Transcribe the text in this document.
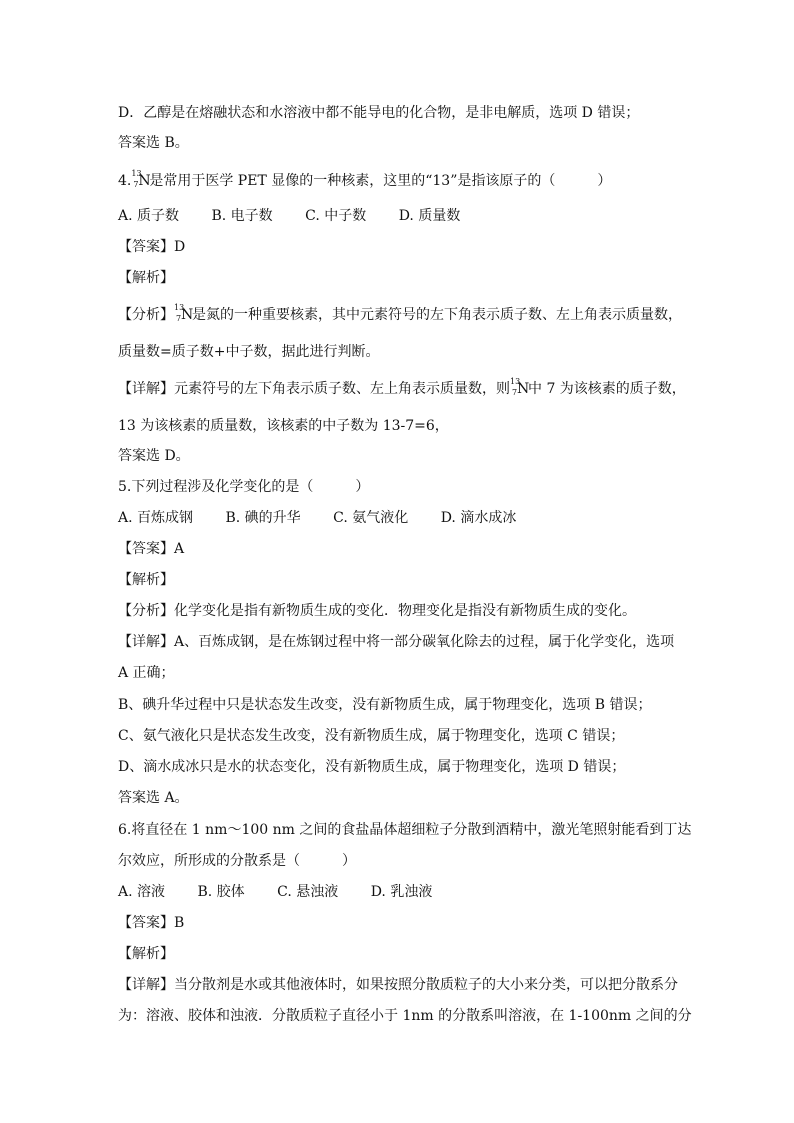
D．乙醇是在熔融状态和水溶液中都不能导电的化合物，是非电解质，选项 D 错误；
答案选 B。
4. 13
7 N
是常用于医学 PET 显像的一种核素，这里的“13”是指该原子的（　　　）
A. 质子数 B. 电子数 C. 中子数 D. 质量数
【答案】D
【解析】
【分析】 13
7 N
是氮的一种重要核素，其中元素符号的左下角表示质子数、左上角表示质量数，
质量数=质子数+中子数，据此进行判断。
【详解】元素符号的左下角表示质子数、左上角表示质量数，则 13
7 N
中 7 为该核素的质子数，
13 为该核素的质量数，该核素的中子数为 13-7=6，
答案选 D。
5.下列过程涉及化学变化的是（　　　）
A. 百炼成钢 B. 碘的升华 C. 氨气液化 D. 滴水成冰
【答案】A
【解析】
【分析】化学变化是指有新物质生成的变化．物理变化是指没有新物质生成的变化。
【详解】A、百炼成钢，是在炼钢过程中将一部分碳氧化除去的过程，属于化学变化，选项
A 正确；
B、碘升华过程中只是状态发生改变，没有新物质生成，属于物理变化，选项 B 错误；
C、氨气液化只是状态发生改变，没有新物质生成，属于物理变化，选项 C 错误；
D、滴水成冰只是水的状态变化，没有新物质生成，属于物理变化，选项 D 错误；
答案选 A。
6.将直径在 1 nm～100 nm 之间的食盐晶体超细粒子分散到酒精中，激光笔照射能看到丁达
尔效应，所形成的分散系是（　　　）
A. 溶液 B. 胶体 C. 悬浊液 D. 乳浊液
【答案】B
【解析】
【详解】当分散剂是水或其他液体时，如果按照分散质粒子的大小来分类，可以把分散系分
为：溶液、胶体和浊液．分散质粒子直径小于 1nm 的分散系叫溶液，在 1-100nm 之间的分
